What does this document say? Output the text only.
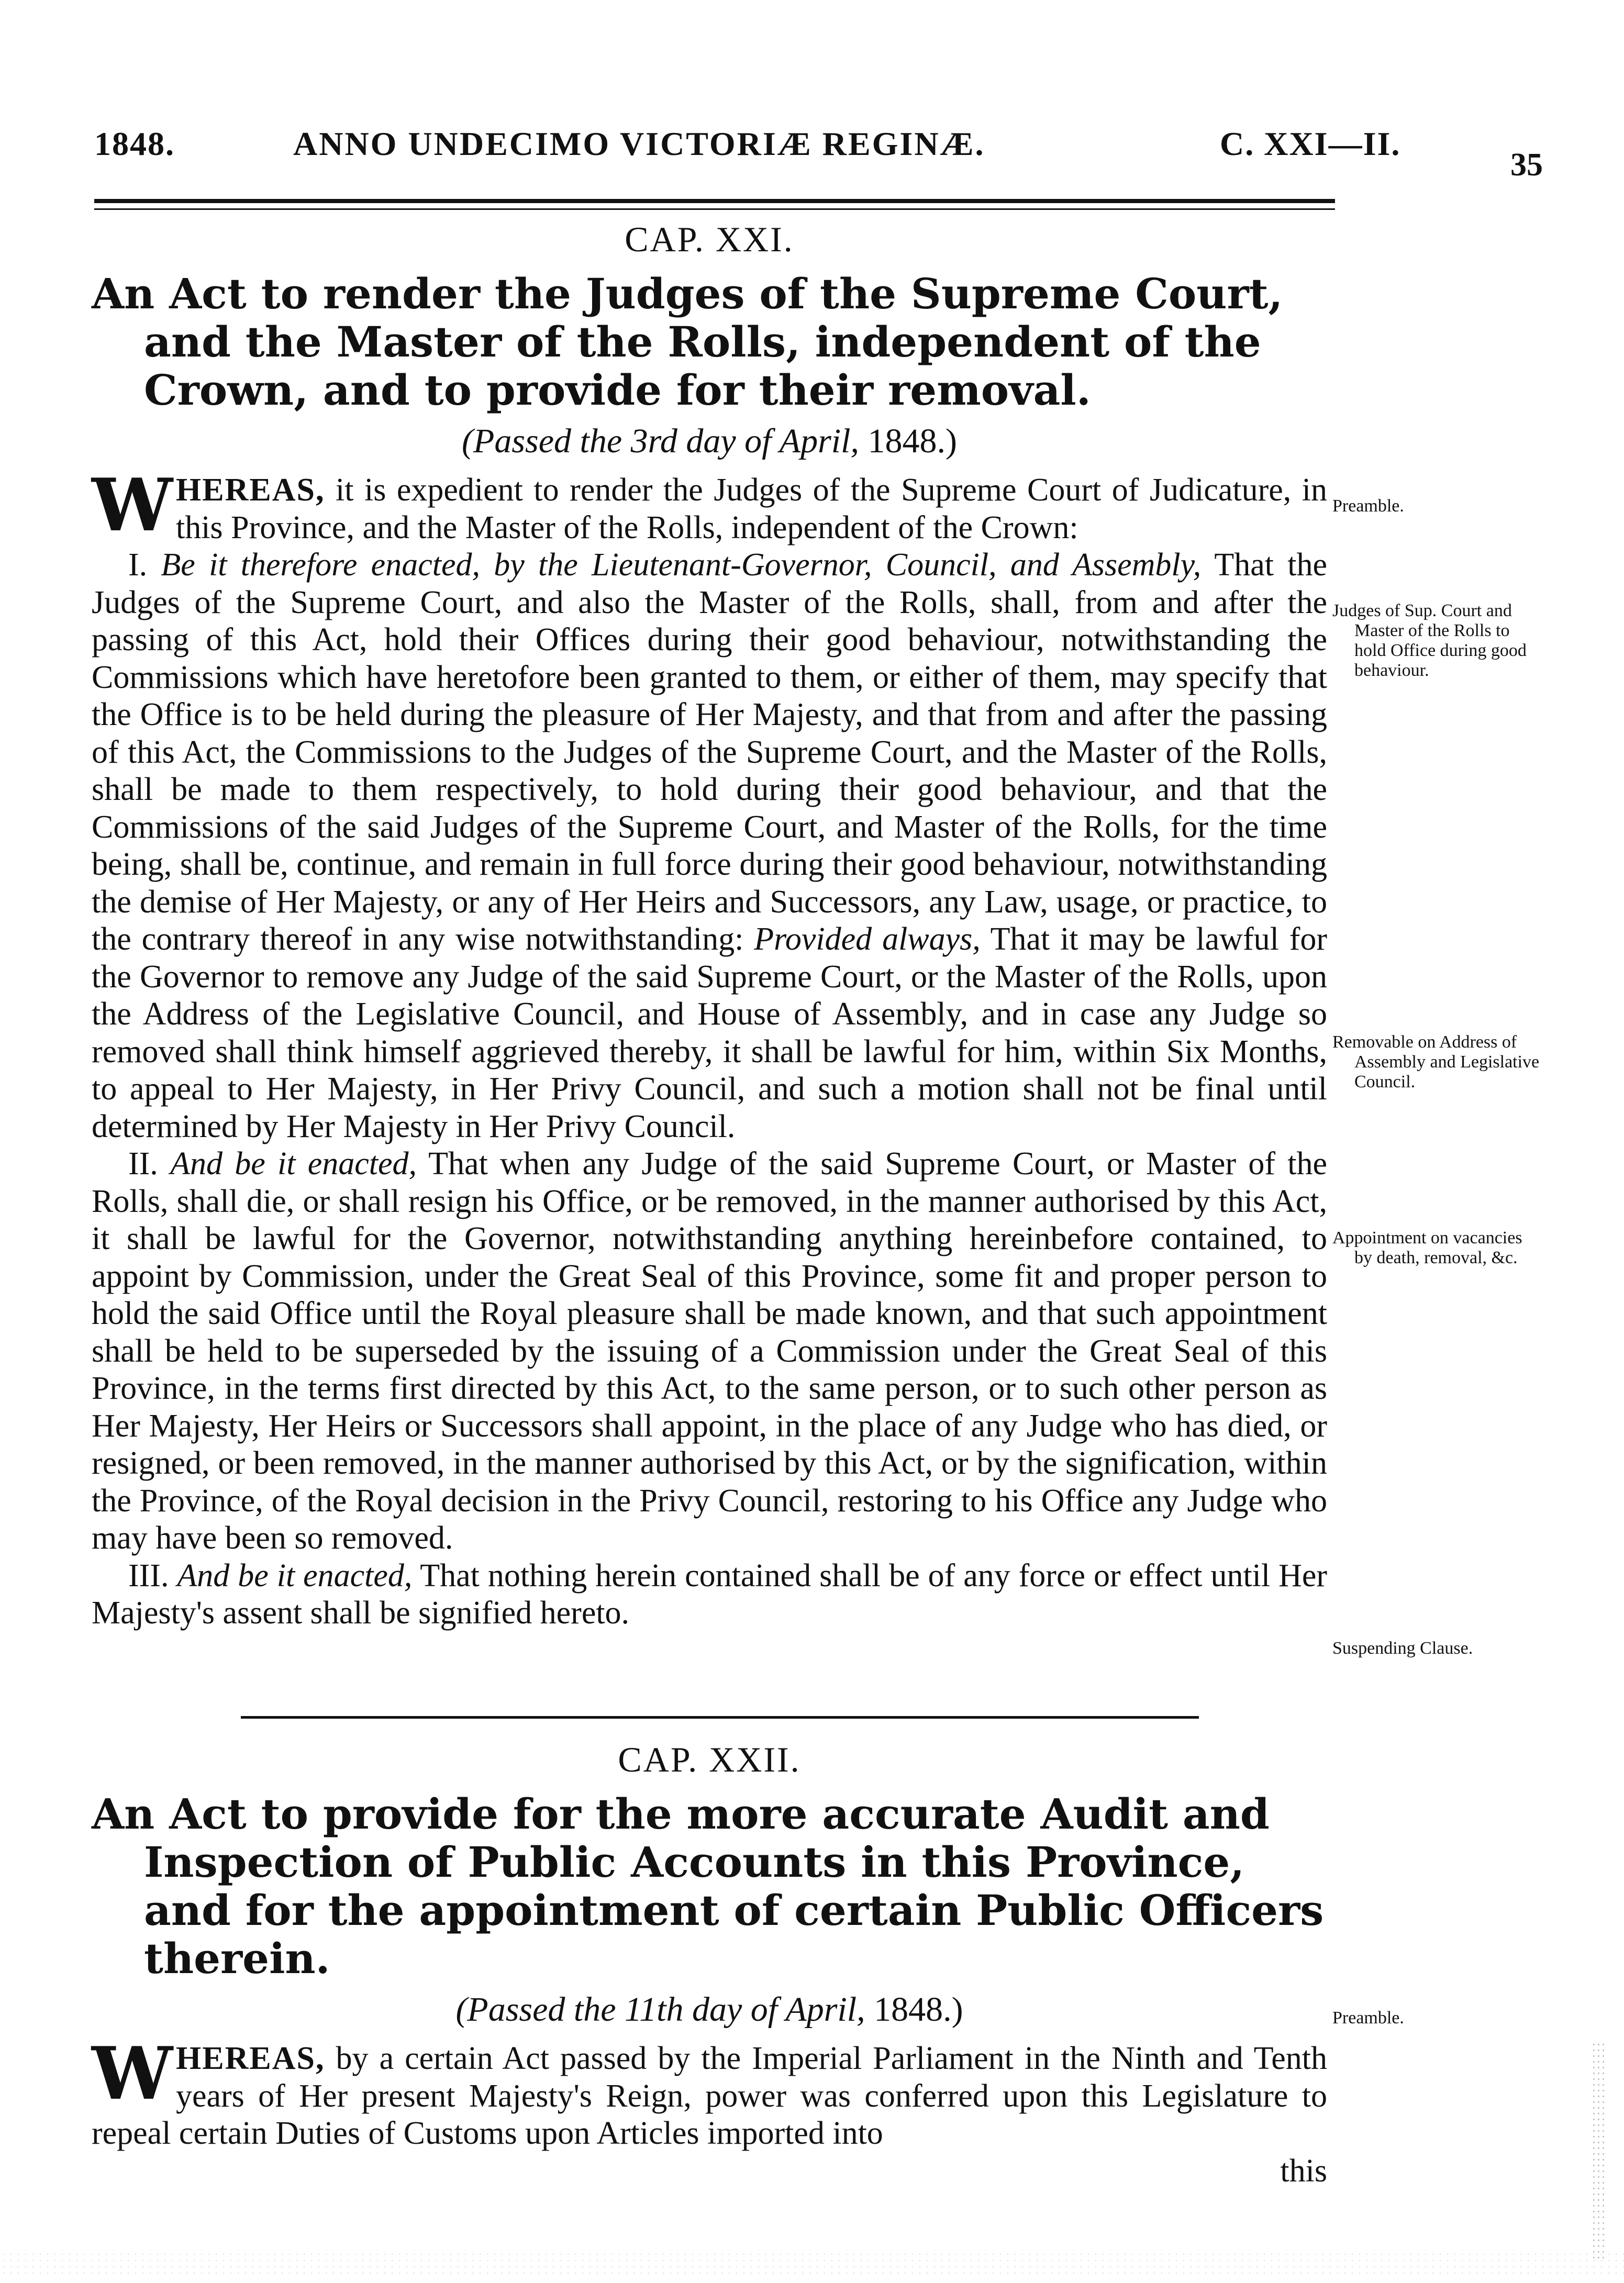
1848.	ANNO UNDECIMO VICTORIÆ REGINÆ.	C. XXI—II.
35

CAP. XXI.

An Act to render the Judges of the Supreme Court, and the Master of the Rolls, independent of the Crown, and to provide for their removal.

(Passed the 3rd day of April, 1848.)

WHEREAS, it is expedient to render the Judges of the Supreme Court of Judicature, in this Province, and the Master of the Rolls, independent of the Crown:

I. Be it therefore enacted, by the Lieutenant-Governor, Council, and Assembly, That the Judges of the Supreme Court, and also the Master of the Rolls, shall, from and after the passing of this Act, hold their Offices during their good behaviour, notwithstanding the Commissions which have heretofore been granted to them, or either of them, may specify that the Office is to be held during the pleasure of Her Majesty, and that from and after the passing of this Act, the Commissions to the Judges of the Supreme Court, and the Master of the Rolls, shall be made to them respectively, to hold during their good behaviour, and that the Commissions of the said Judges of the Supreme Court, and Master of the Rolls, for the time being, shall be, continue, and remain in full force during their good behaviour, notwithstanding the demise of Her Majesty, or any of Her Heirs and Successors, any Law, usage, or practice, to the contrary thereof in any wise notwithstanding: Provided always, That it may be lawful for the Governor to remove any Judge of the said Supreme Court, or the Master of the Rolls, upon the Address of the Legislative Council, and House of Assembly, and in case any Judge so removed shall think himself aggrieved thereby, it shall be lawful for him, within Six Months, to appeal to Her Majesty, in Her Privy Council, and such a motion shall not be final until determined by Her Majesty in Her Privy Council.

II. And be it enacted, That when any Judge of the said Supreme Court, or Master of the Rolls, shall die, or shall resign his Office, or be removed, in the manner authorised by this Act, it shall be lawful for the Governor, notwithstanding anything hereinbefore contained, to appoint by Commission, under the Great Seal of this Province, some fit and proper person to hold the said Office until the Royal pleasure shall be made known, and that such appointment shall be held to be superseded by the issuing of a Commission under the Great Seal of this Province, in the terms first directed by this Act, to the same person, or to such other person as Her Majesty, Her Heirs or Successors shall appoint, in the place of any Judge who has died, or resigned, or been removed, in the manner authorised by this Act, or by the signification, within the Province, of the Royal decision in the Privy Council, restoring to his Office any Judge who may have been so removed.

III. And be it enacted, That nothing herein contained shall be of any force or effect until Her Majesty's assent shall be signified hereto.

CAP. XXII.

An Act to provide for the more accurate Audit and Inspection of Public Accounts in this Province, and for the appointment of certain Public Officers therein.

(Passed the 11th day of April, 1848.)

WHEREAS, by a certain Act passed by the Imperial Parliament in the Ninth and Tenth years of Her present Majesty's Reign, power was conferred upon this Legislature to repeal certain Duties of Customs upon Articles imported into

this

Preamble.
Judges of Sup. Court and Master of the Rolls to hold Office during good behaviour.
Removable on Address of Assembly and Legislative Council.
Appointment on vacancies by death, removal, &c.
Suspending Clause.
Preamble.
